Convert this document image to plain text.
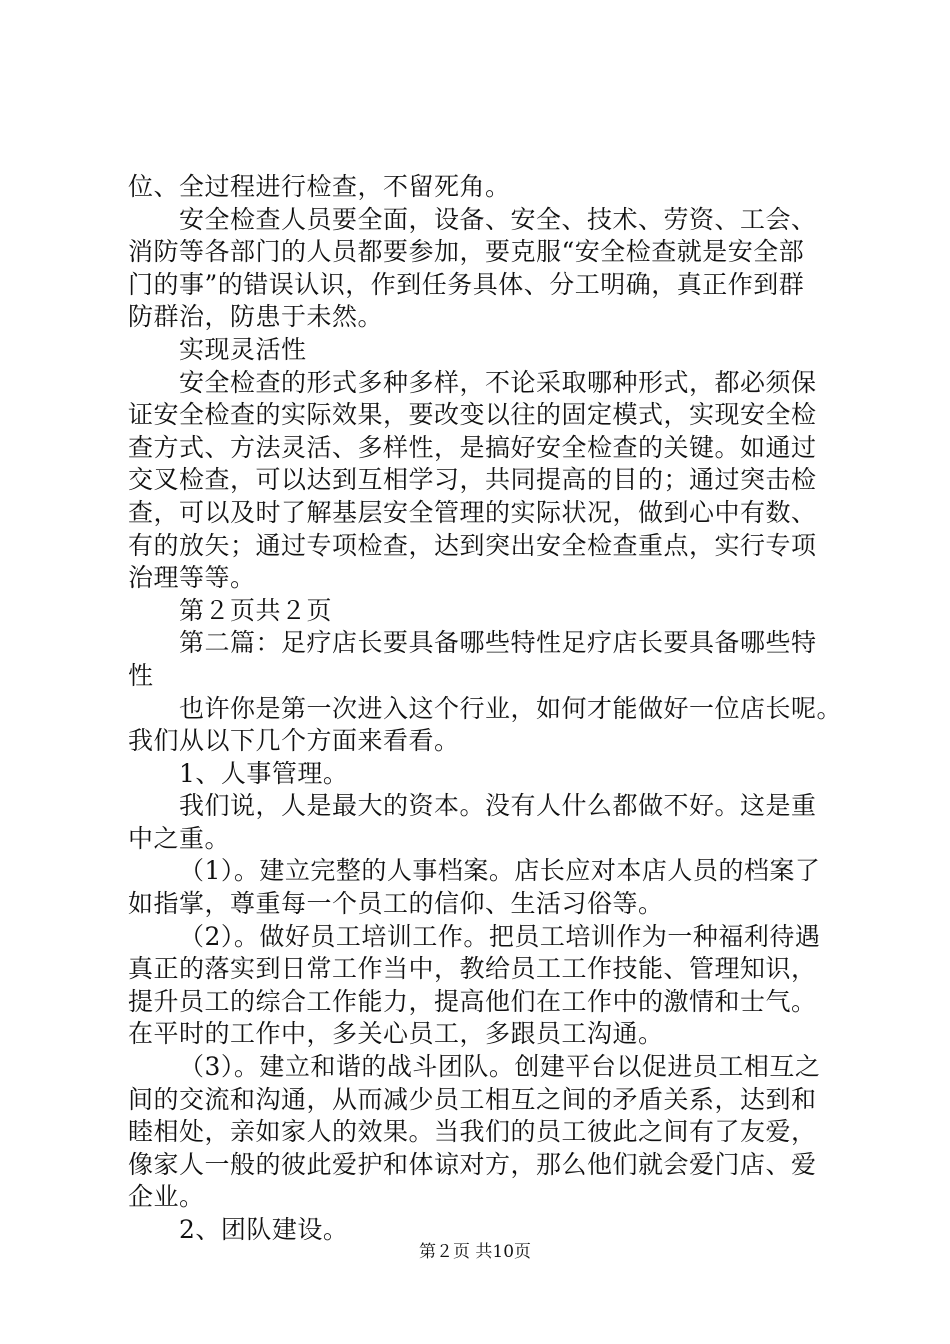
位、全过程进行检查，不留死角。
安全检查人员要全面，设备、安全、技术、劳资、工会、
消防等各部门的人员都要参加，要克服“安全检查就是安全部
门的事”的错误认识，作到任务具体、分工明确，真正作到群
防群治，防患于未然。
实现灵活性
安全检查的形式多种多样，不论采取哪种形式，都必须保
证安全检查的实际效果，要改变以往的固定模式，实现安全检
查方式、方法灵活、多样性，是搞好安全检查的关键。如通过
交叉检查，可以达到互相学习，共同提高的目的；通过突击检
查，可以及时了解基层安全管理的实际状况，做到心中有数、
有的放矢；通过专项检查，达到突出安全检查重点，实行专项
治理等等。
第２页共２页
第二篇：足疗店长要具备哪些特性足疗店长要具备哪些特
性
也许你是第一次进入这个行业，如何才能做好一位店长呢。
我们从以下几个方面来看看。
1、人事管理。
我们说，人是最大的资本。没有人什么都做不好。这是重
中之重。
（1）。建立完整的人事档案。店长应对本店人员的档案了
如指掌，尊重每一个员工的信仰、生活习俗等。
（2）。做好员工培训工作。把员工培训作为一种福利待遇
真正的落实到日常工作当中，教给员工工作技能、管理知识，
提升员工的综合工作能力，提高他们在工作中的激情和士气。
在平时的工作中，多关心员工，多跟员工沟通。
（3）。建立和谐的战斗团队。创建平台以促进员工相互之
间的交流和沟通，从而减少员工相互之间的矛盾关系，达到和
睦相处，亲如家人的效果。当我们的员工彼此之间有了友爱，
像家人一般的彼此爱护和体谅对方，那么他们就会爱门店、爱
企业。
2、团队建设。
第２页 共10页
